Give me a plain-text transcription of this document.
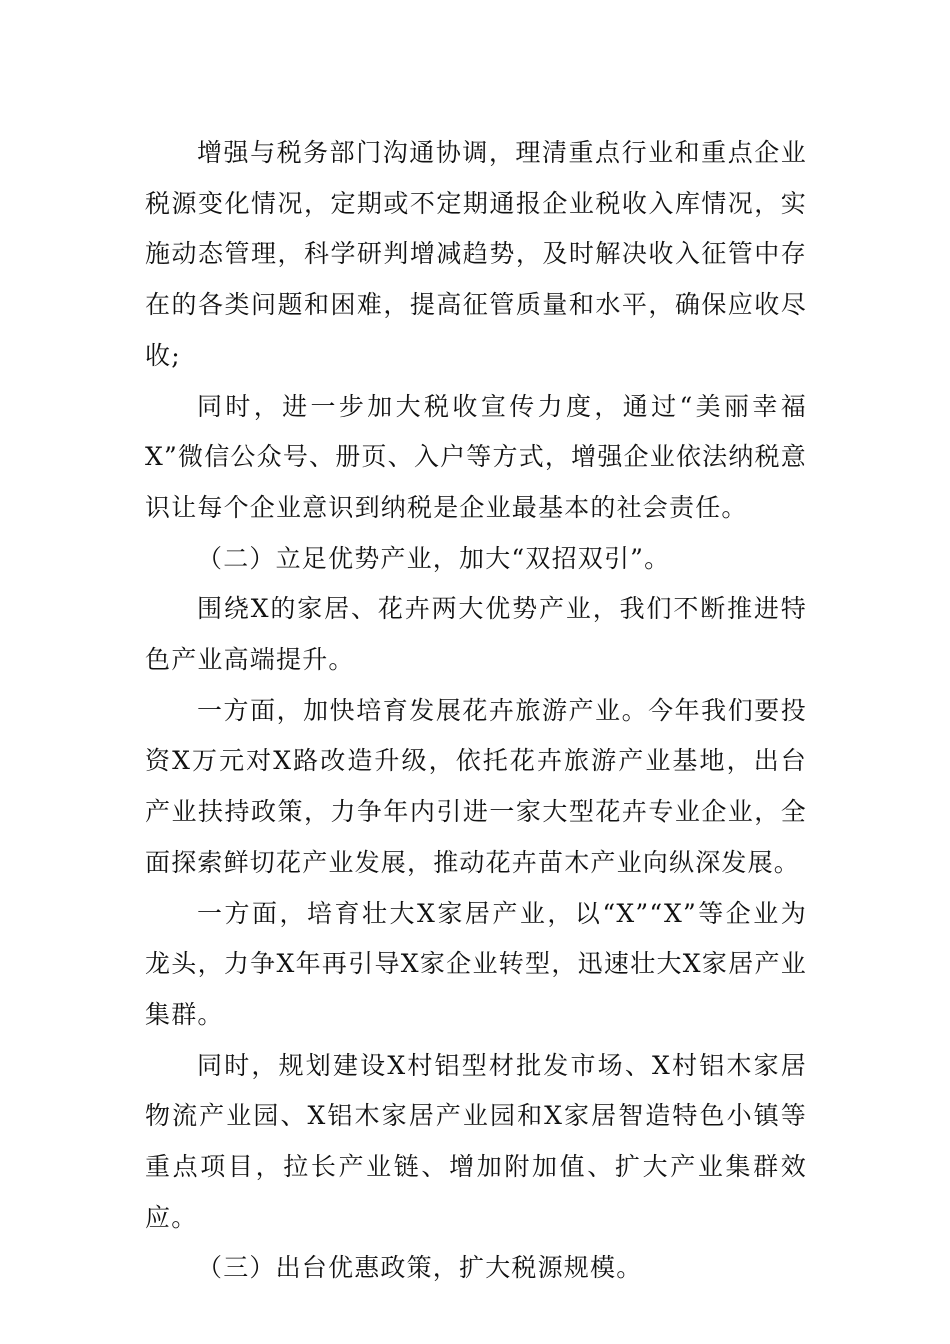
增强与税务部门沟通协调，理清重点行业和重点企业税源变化情况，定期或不定期通报企业税收入库情况，实施动态管理，科学研判增减趋势，及时解决收入征管中存在的各类问题和困难，提高征管质量和水平，确保应收尽收;

同时，进一步加大税收宣传力度，通过“美丽幸福X”微信公众号、册页、入户等方式，增强企业依法纳税意识让每个企业意识到纳税是企业最基本的社会责任。

（二）立足优势产业，加大“双招双引”。

围绕X的家居、花卉两大优势产业，我们不断推进特色产业高端提升。

一方面，加快培育发展花卉旅游产业。今年我们要投资X万元对X路改造升级，依托花卉旅游产业基地，出台产业扶持政策，力争年内引进一家大型花卉专业企业，全面探索鲜切花产业发展，推动花卉苗木产业向纵深发展。

一方面，培育壮大X家居产业，以“X”“X”等企业为龙头，力争X年再引导X家企业转型，迅速壮大X家居产业集群。

同时，规划建设X村铝型材批发市场、X村铝木家居物流产业园、X铝木家居产业园和X家居智造特色小镇等重点项目，拉长产业链、增加附加值、扩大产业集群效应。

（三）出台优惠政策，扩大税源规模。
